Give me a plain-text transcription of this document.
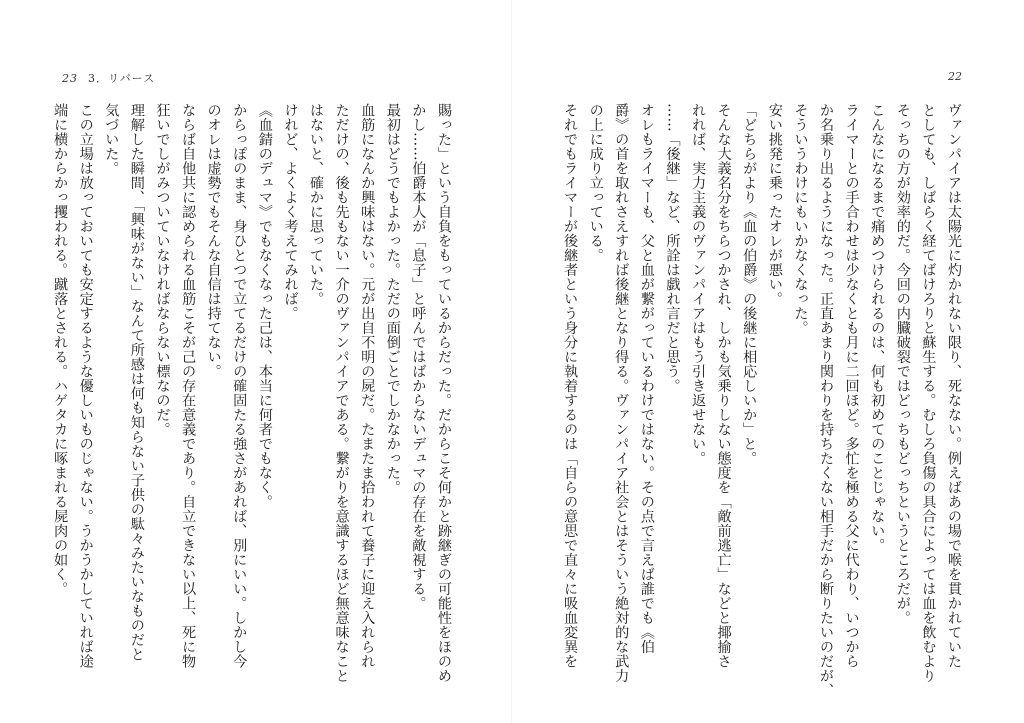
23 3．リバース

賜った」という自負をもっているからだった。だからこそ何かと跡継ぎの可能性をほのめ

かし……伯爵本人が「息子」と呼んではばからないデュマの存在を敵視する。

最初はどうでもよかった。ただの面倒ごとでしかなかった。

血筋になんか興味はない。元が出自不明の屍だ。たまたま拾われて養子に迎え入れられ

ただけの、後も先もない一介のヴァンパイアである。繋がりを意識するほど無意味なこと

はないと、確かに思っていた。

けれど、よくよく考えてみれば。

《血錆のデュマ》でもなくなった己は、本当に何者でもなく。

からっぽのまま、身ひとつで立てるだけの確固たる強さがあれば、別にいい。しかし今

のオレは虚勢でもそんな自信は持てない。

ならば自他共に認められる血筋こそが己の存在意義であり。自立できない以上、死に物

狂いでしがみついていなければならない標なのだ。

理解した瞬間、「興味がない」なんて所感は何も知らない子供の駄々みたいなものだと

気づいた。

この立場は放っておいても安定するような優しいものじゃない。うかうかしていれば途

端に横からかっ攫われる。蹴落とされる。ハゲタカに啄まれる屍肉の如く。

22

ヴァンパイアは太陽光に灼かれない限り、死なない。例えばあの場で喉を貫かれていた

としても、しばらく経てばけろりと蘇生する。むしろ負傷の具合によっては血を飲むより

そっちの方が効率的だ。今回の内臓破裂ではどっちもどっちというところだが。

こんなになるまで痛めつけられるのは、何も初めてのことじゃない。

ライマーとの手合わせは少なくとも月に二回ほど。多忙を極める父に代わり、いつから

か名乗り出るようになった。正直あまり関わりを持ちたくない相手だから断りたいのだが、

そういうわけにもいかなくなった。

安い挑発に乗ったオレが悪い。

「どちらがより《血の伯爵》の後継に相応しいか」と。

そんな大義名分をちらつかされ、しかも気乗りしない態度を「敵前逃亡」などと揶揄さ

れれば、実力主義のヴァンパイアはもう引き返せない。

……「後継」など、所詮は戯れ言だと思う。

オレもライマーも、父と血が繋がっているわけではない。その点で言えば誰でも《伯

爵》の首を取れさえすれば後継となり得る。ヴァンパイア社会とはそういう絶対的な武力

の上に成り立っている。

それでもライマーが後継者という身分に執着するのは「自らの意思で直々に吸血変異を
